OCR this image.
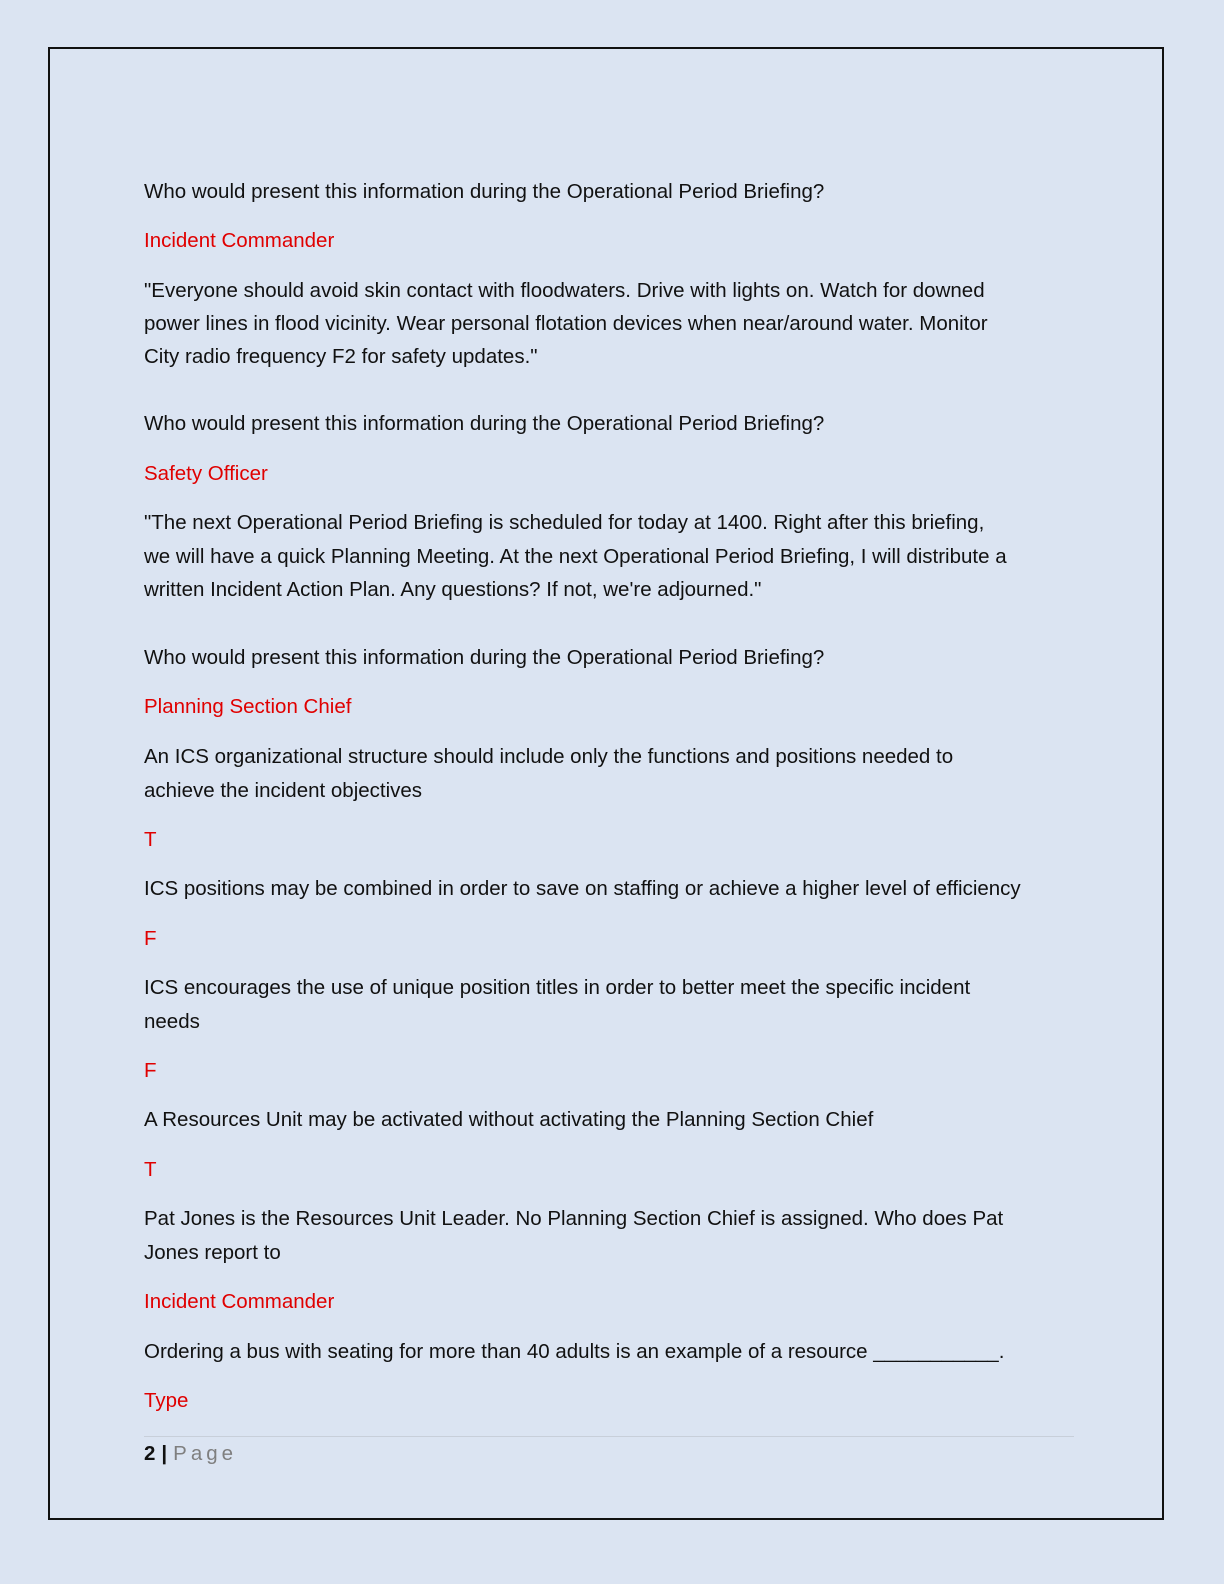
Who would present this information during the Operational Period Briefing?
Incident Commander
"Everyone should avoid skin contact with floodwaters. Drive with lights on. Watch for downed
power lines in flood vicinity. Wear personal flotation devices when near/around water. Monitor
City radio frequency F2 for safety updates."
Who would present this information during the Operational Period Briefing?
Safety Officer
"The next Operational Period Briefing is scheduled for today at 1400. Right after this briefing,
we will have a quick Planning Meeting. At the next Operational Period Briefing, I will distribute a
written Incident Action Plan. Any questions? If not, we're adjourned."
Who would present this information during the Operational Period Briefing?
Planning Section Chief
An ICS organizational structure should include only the functions and positions needed to
achieve the incident objectives
T
ICS positions may be combined in order to save on staffing or achieve a higher level of efficiency
F
ICS encourages the use of unique position titles in order to better meet the specific incident
needs
F
A Resources Unit may be activated without activating the Planning Section Chief
T
Pat Jones is the Resources Unit Leader. No Planning Section Chief is assigned. Who does Pat
Jones report to
Incident Commander
Ordering a bus with seating for more than 40 adults is an example of a resource ___________.
Type
2 | Page
